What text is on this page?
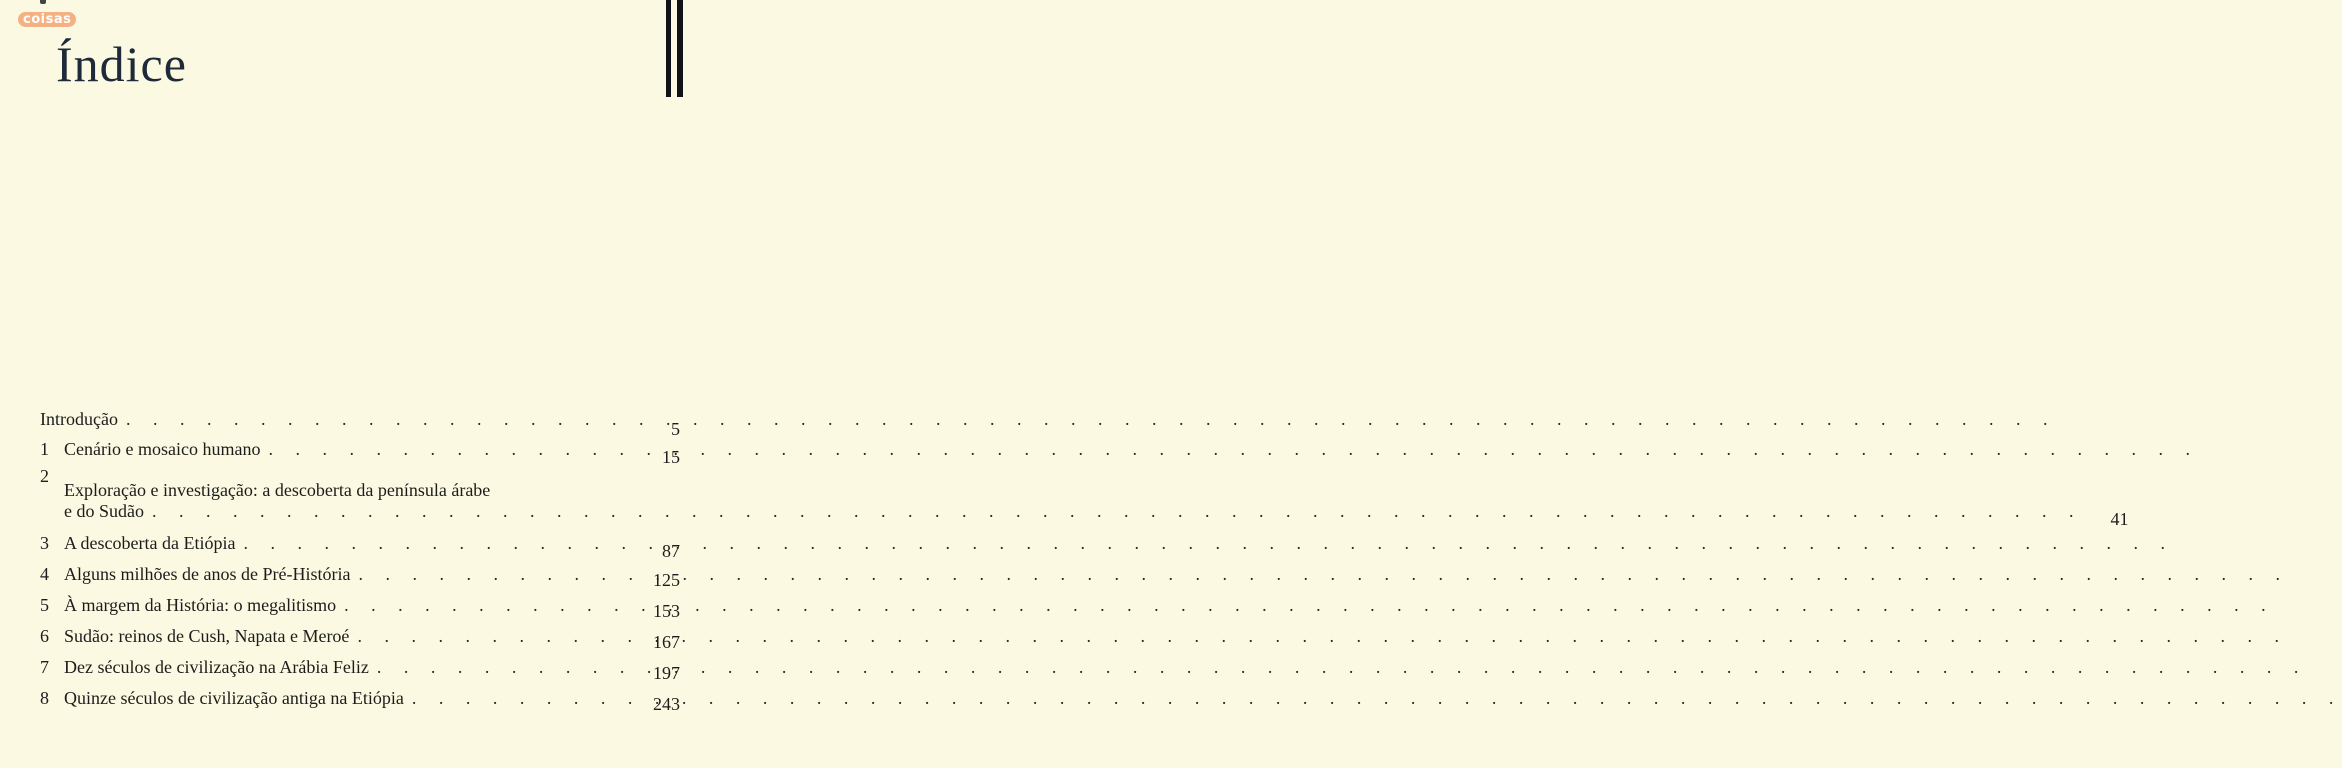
coisas
Índice
Introdução . . .	5
1 Cenário e mosaico humano . . .	15
2
Exploração e investigação: a descoberta da península árabe
e do Sudão . . .	41
3 A descoberta da Etiópia . . .	87
4 Alguns milhões de anos de Pré-História . . .	125
5 À margem da História: o megalitismo . . .	153
6 Sudão: reinos de Cush, Napata e Meroé . . .	167
7 Dez séculos de civilização na Arábia Feliz . . .	197
8 Quinze séculos de civilização antiga na Etiópia . . .	243
